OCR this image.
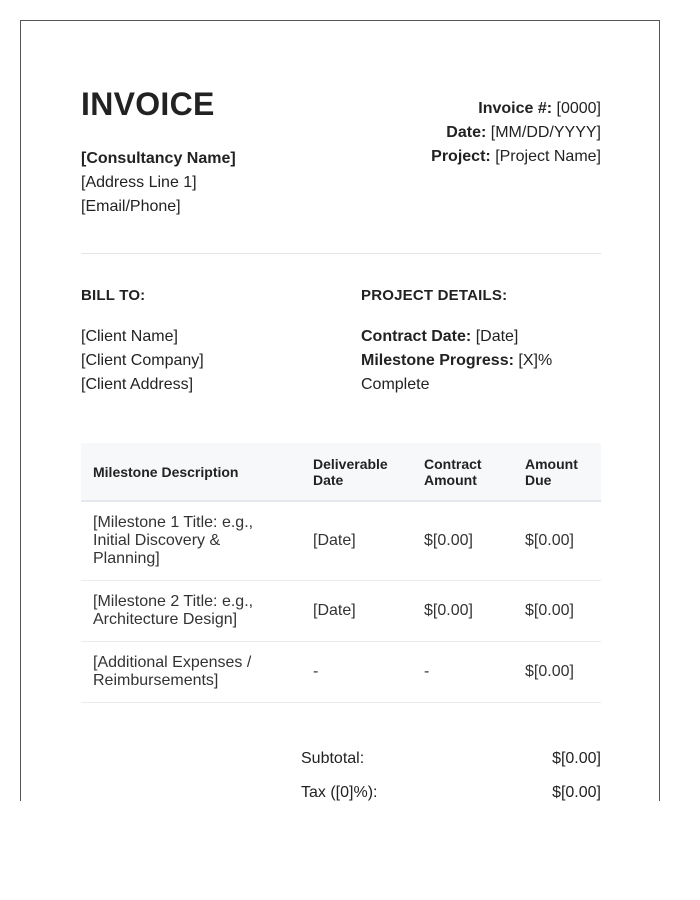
INVOICE
[Consultancy Name]
[Address Line 1]
[Email/Phone]
Invoice #: [0000]
Date: [MM/DD/YYYY]
Project: [Project Name]
BILL TO:	PROJECT DETAILS:
[Client Name]
[Client Company]
[Client Address]
Contract Date: [Date]
Milestone Progress: [X]% Complete
Milestone Description	Deliverable Date	Contract Amount	Amount Due
[Milestone 1 Title: e.g., Initial Discovery & Planning]	[Date]	$[0.00]	$[0.00]
[Milestone 2 Title: e.g., Architecture Design]	[Date]	$[0.00]	$[0.00]
[Additional Expenses / Reimbursements]	-	-	$[0.00]
Subtotal:	$[0.00]
Tax ([0]%):	$[0.00]
